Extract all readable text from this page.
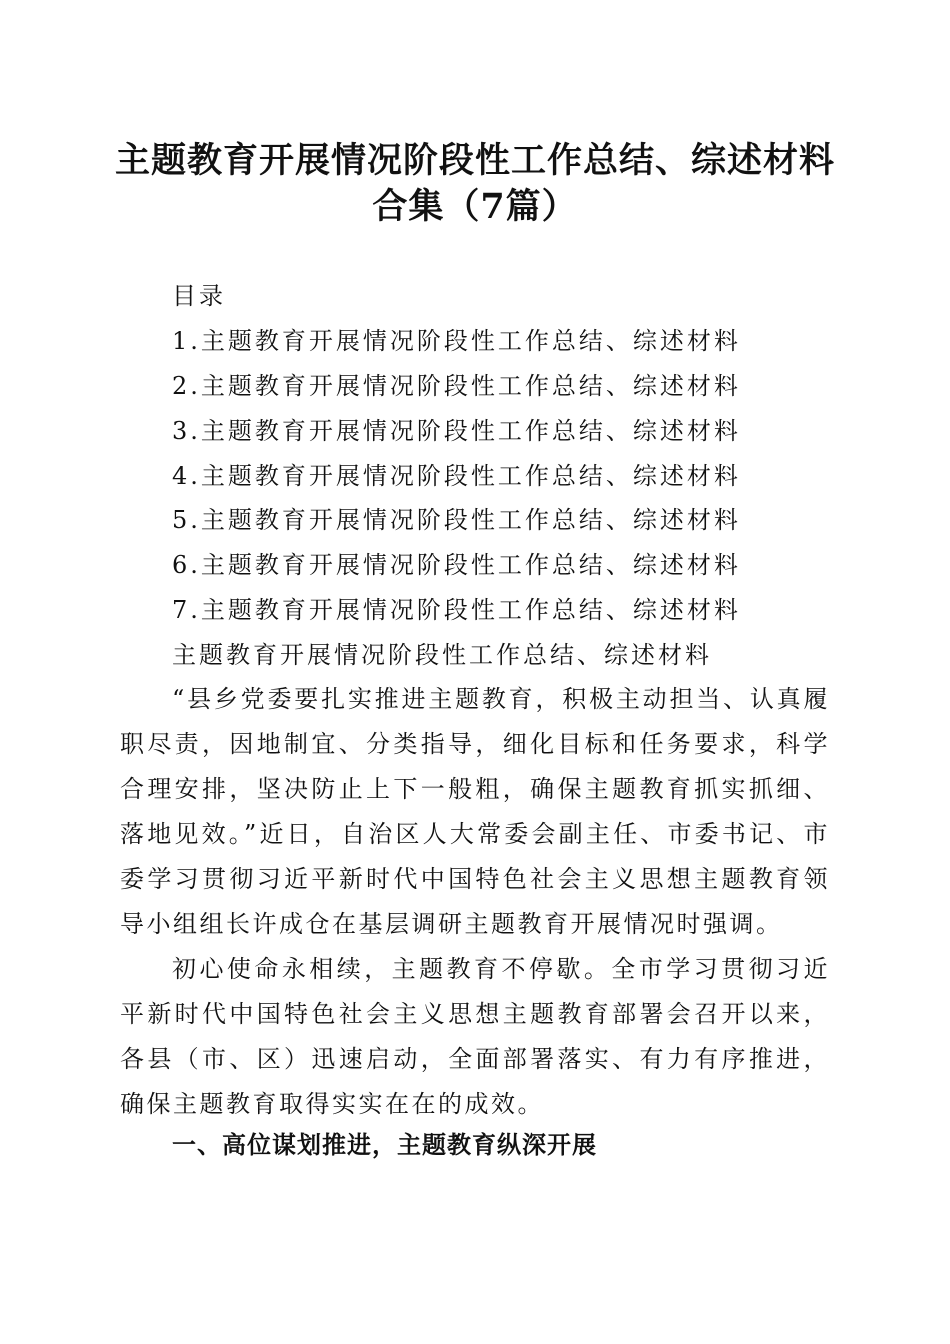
主题教育开展情况阶段性工作总结、综述材料
合集（7篇）
目录
1.主题教育开展情况阶段性工作总结、综述材料
2.主题教育开展情况阶段性工作总结、综述材料
3.主题教育开展情况阶段性工作总结、综述材料
4.主题教育开展情况阶段性工作总结、综述材料
5.主题教育开展情况阶段性工作总结、综述材料
6.主题教育开展情况阶段性工作总结、综述材料
7.主题教育开展情况阶段性工作总结、综述材料
主题教育开展情况阶段性工作总结、综述材料
“县乡党委要扎实推进主题教育，积极主动担当、认真履职尽责，因地制宜、分类指导，细化目标和任务要求，科学合理安排，坚决防止上下一般粗，确保主题教育抓实抓细、落地见效。”近日，自治区人大常委会副主任、市委书记、市委学习贯彻习近平新时代中国特色社会主义思想主题教育领导小组组长许成仓在基层调研主题教育开展情况时强调。
初心使命永相续，主题教育不停歇。全市学习贯彻习近平新时代中国特色社会主义思想主题教育部署会召开以来，各县（市、区）迅速启动，全面部署落实、有力有序推进，确保主题教育取得实实在在的成效。
一、高位谋划推进，主题教育纵深开展
